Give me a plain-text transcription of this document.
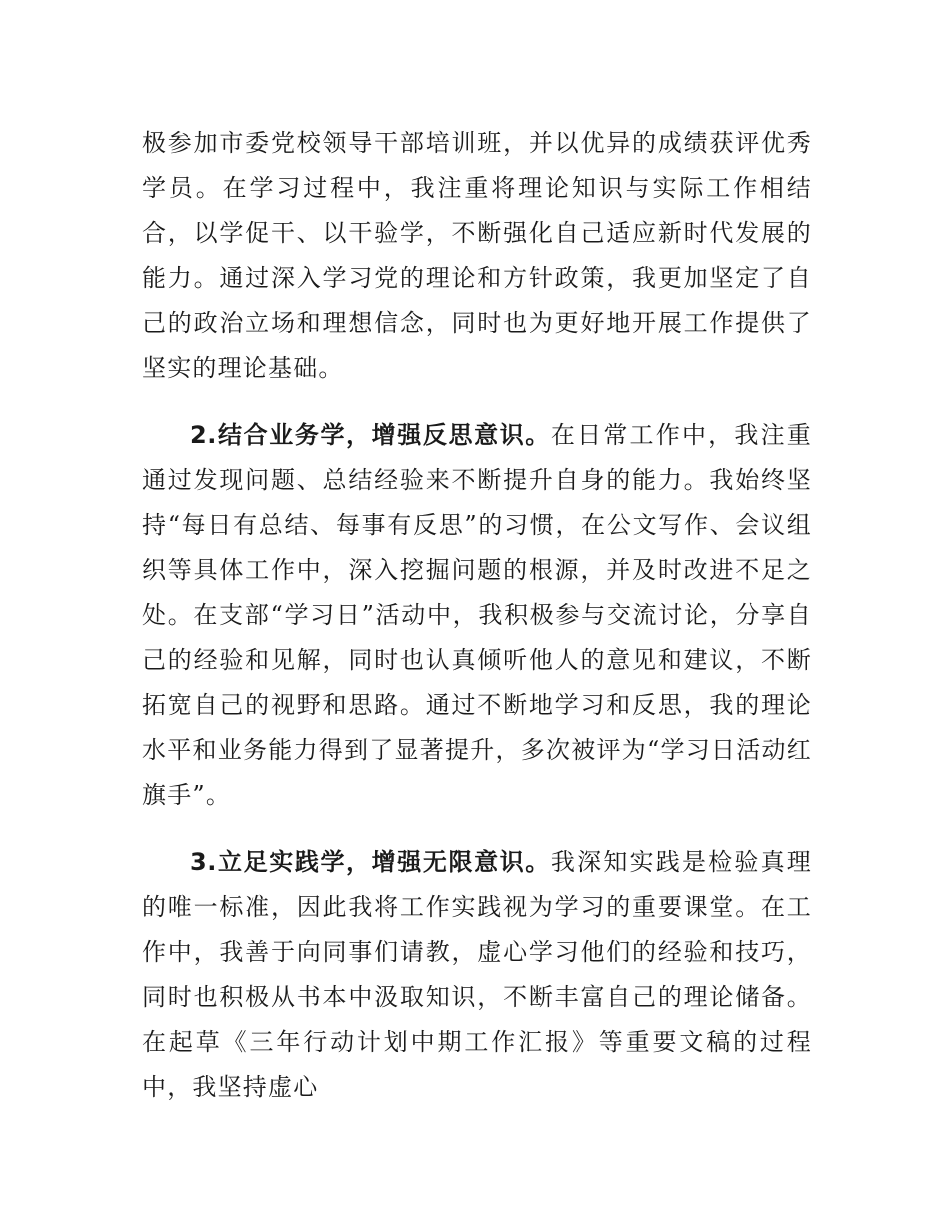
极参加市委党校领导干部培训班，并以优异的成绩获评优秀学员。在学习过程中，我注重将理论知识与实际工作相结合，以学促干、以干验学，不断强化自己适应新时代发展的能力。通过深入学习党的理论和方针政策，我更加坚定了自己的政治立场和理想信念，同时也为更好地开展工作提供了坚实的理论基础。

2.结合业务学，增强反思意识。在日常工作中，我注重通过发现问题、总结经验来不断提升自身的能力。我始终坚持“每日有总结、每事有反思”的习惯，在公文写作、会议组织等具体工作中，深入挖掘问题的根源，并及时改进不足之处。在支部“学习日”活动中，我积极参与交流讨论，分享自己的经验和见解，同时也认真倾听他人的意见和建议，不断拓宽自己的视野和思路。通过不断地学习和反思，我的理论水平和业务能力得到了显著提升，多次被评为“学习日活动红旗手”。

3.立足实践学，增强无限意识。我深知实践是检验真理的唯一标准，因此我将工作实践视为学习的重要课堂。在工作中，我善于向同事们请教，虚心学习他们的经验和技巧，同时也积极从书本中汲取知识，不断丰富自己的理论储备。在起草《三年行动计划中期工作汇报》等重要文稿的过程中，我坚持虚心
